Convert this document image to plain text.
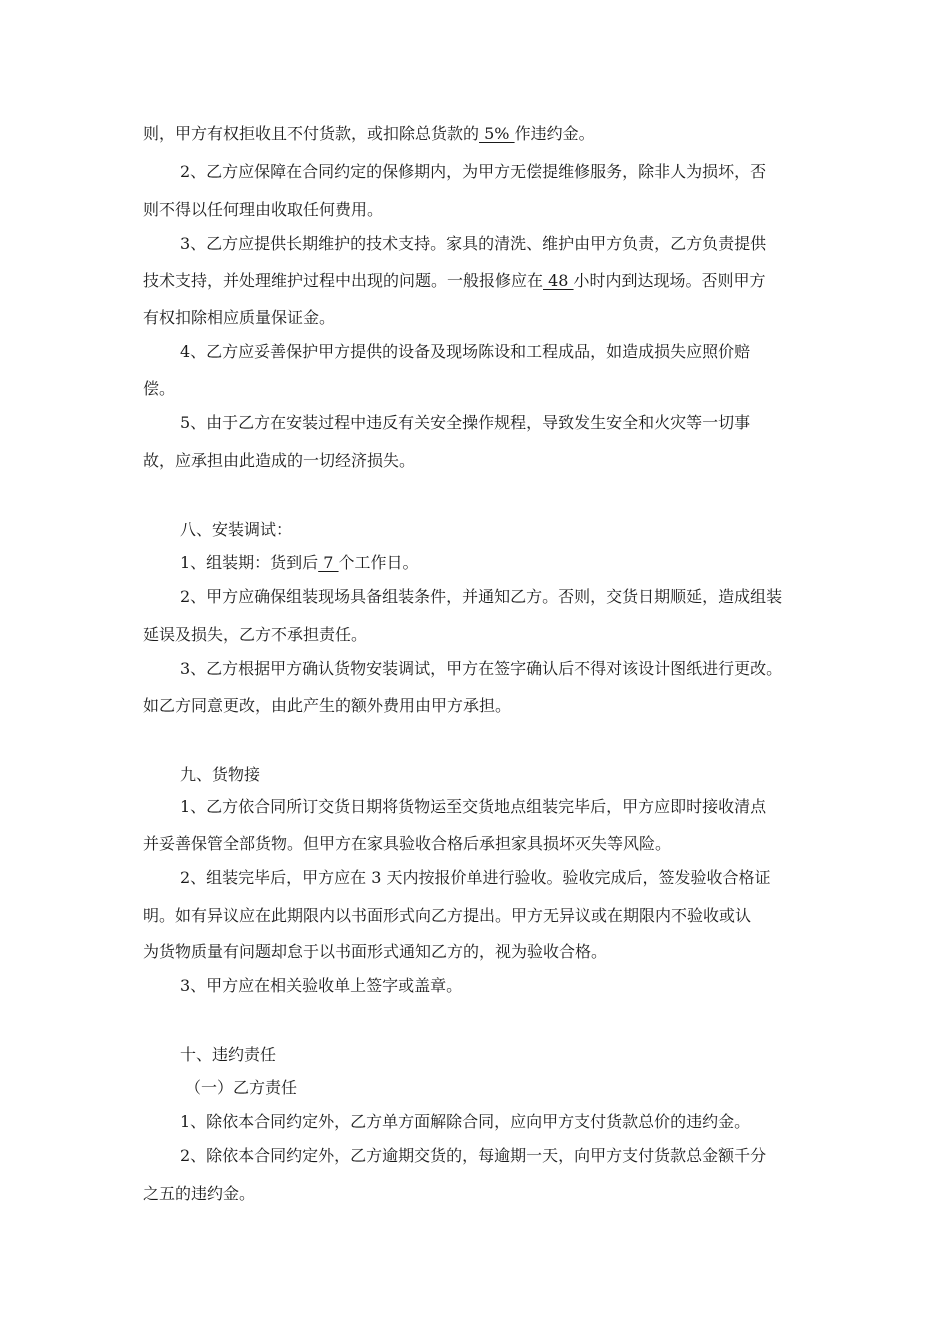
则，甲方有权拒收且不付货款，或扣除总货款的 5% 作违约金。
2、乙方应保障在合同约定的保修期内，为甲方无偿提维修服务，除非人为损坏，否
则不得以任何理由收取任何费用。
3、乙方应提供长期维护的技术支持。家具的清洗、维护由甲方负责，乙方负责提供
技术支持，并处理维护过程中出现的问题。一般报修应在 48 小时内到达现场。否则甲方
有权扣除相应质量保证金。
4、乙方应妥善保护甲方提供的设备及现场陈设和工程成品，如造成损失应照价赔
偿。
5、由于乙方在安装过程中违反有关安全操作规程，导致发生安全和火灾等一切事
故，应承担由此造成的一切经济损失。
八、安装调试：
1、组装期：货到后 7 个工作日。
2、甲方应确保组装现场具备组装条件，并通知乙方。否则，交货日期顺延，造成组装
延误及损失，乙方不承担责任。
3、乙方根据甲方确认货物安装调试，甲方在签字确认后不得对该设计图纸进行更改。
如乙方同意更改，由此产生的额外费用由甲方承担。
九、货物接
1、乙方依合同所订交货日期将货物运至交货地点组装完毕后，甲方应即时接收清点
并妥善保管全部货物。但甲方在家具验收合格后承担家具损坏灭失等风险。
2、组装完毕后，甲方应在 3 天内按报价单进行验收。验收完成后，签发验收合格证
明。如有异议应在此期限内以书面形式向乙方提出。甲方无异议或在期限内不验收或认
为货物质量有问题却怠于以书面形式通知乙方的，视为验收合格。
3、甲方应在相关验收单上签字或盖章。
十、违约责任
（一）乙方责任
1、除依本合同约定外，乙方单方面解除合同，应向甲方支付货款总价的违约金。
2、除依本合同约定外，乙方逾期交货的，每逾期一天，向甲方支付货款总金额千分
之五的违约金。
